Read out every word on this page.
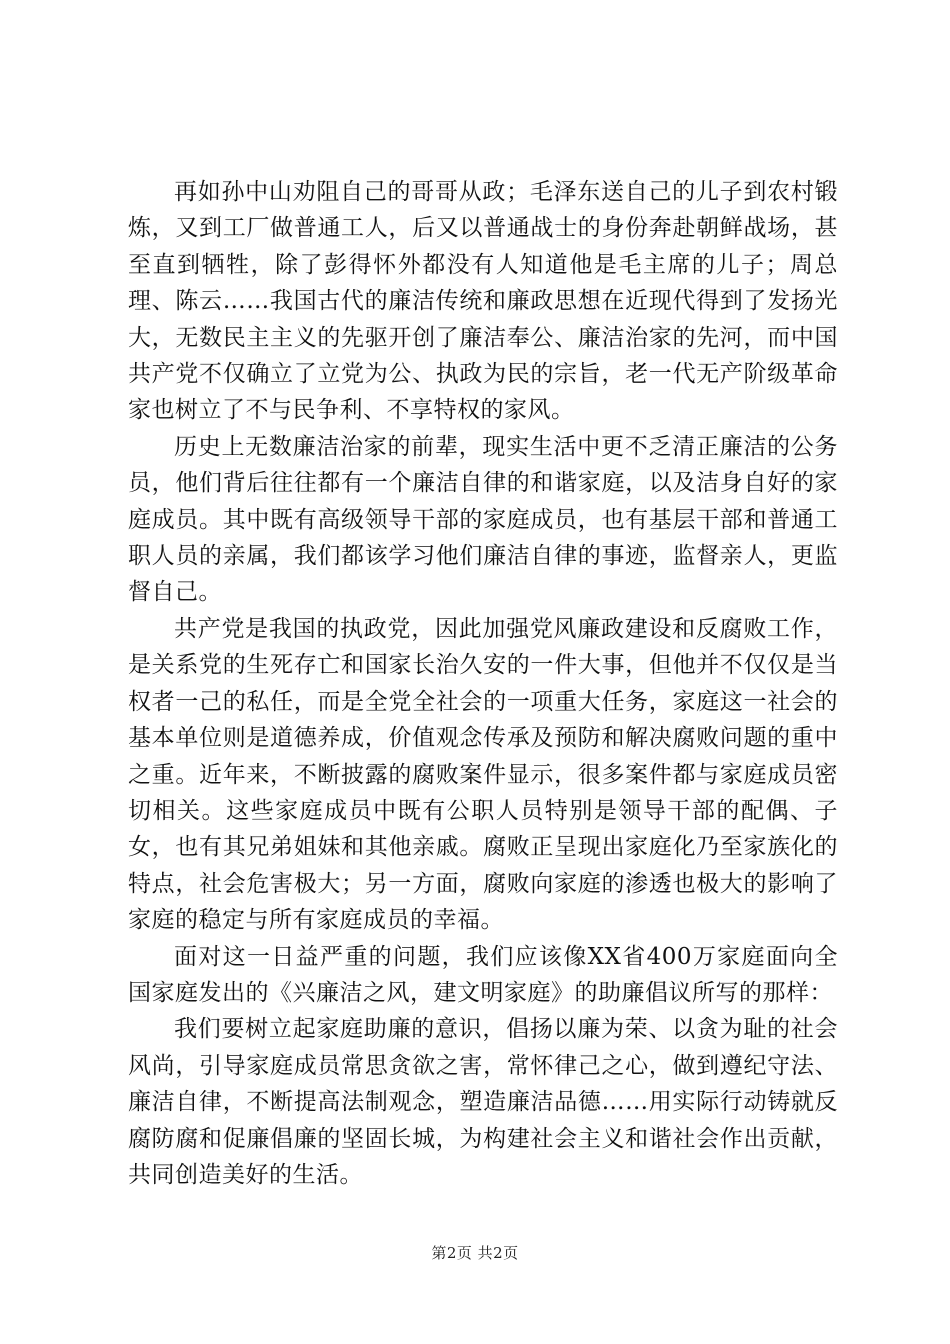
再如孙中山劝阻自己的哥哥从政；毛泽东送自己的儿子到农村锻炼，又到工厂做普通工人，后又以普通战士的身份奔赴朝鲜战场，甚至直到牺牲，除了彭得怀外都没有人知道他是毛主席的儿子；周总理、陈云……我国古代的廉洁传统和廉政思想在近现代得到了发扬光大，无数民主主义的先驱开创了廉洁奉公、廉洁治家的先河，而中国共产党不仅确立了立党为公、执政为民的宗旨，老一代无产阶级革命家也树立了不与民争利、不享特权的家风。

历史上无数廉洁治家的前辈，现实生活中更不乏清正廉洁的公务员，他们背后往往都有一个廉洁自律的和谐家庭，以及洁身自好的家庭成员。其中既有高级领导干部的家庭成员，也有基层干部和普通工职人员的亲属，我们都该学习他们廉洁自律的事迹，监督亲人，更监督自己。

共产党是我国的执政党，因此加强党风廉政建设和反腐败工作，是关系党的生死存亡和国家长治久安的一件大事，但他并不仅仅是当权者一己的私任，而是全党全社会的一项重大任务，家庭这一社会的基本单位则是道德养成，价值观念传承及预防和解决腐败问题的重中之重。近年来，不断披露的腐败案件显示，很多案件都与家庭成员密切相关。这些家庭成员中既有公职人员特别是领导干部的配偶、子女，也有其兄弟姐妹和其他亲戚。腐败正呈现出家庭化乃至家族化的特点，社会危害极大；另一方面，腐败向家庭的渗透也极大的影响了家庭的稳定与所有家庭成员的幸福。

面对这一日益严重的问题，我们应该像XX省400万家庭面向全国家庭发出的《兴廉洁之风，建文明家庭》的助廉倡议所写的那样：

我们要树立起家庭助廉的意识，倡扬以廉为荣、以贪为耻的社会风尚，引导家庭成员常思贪欲之害，常怀律己之心，做到遵纪守法、廉洁自律，不断提高法制观念，塑造廉洁品德……用实际行动铸就反腐防腐和促廉倡廉的坚固长城，为构建社会主义和谐社会作出贡献，共同创造美好的生活。

第2页 共2页
